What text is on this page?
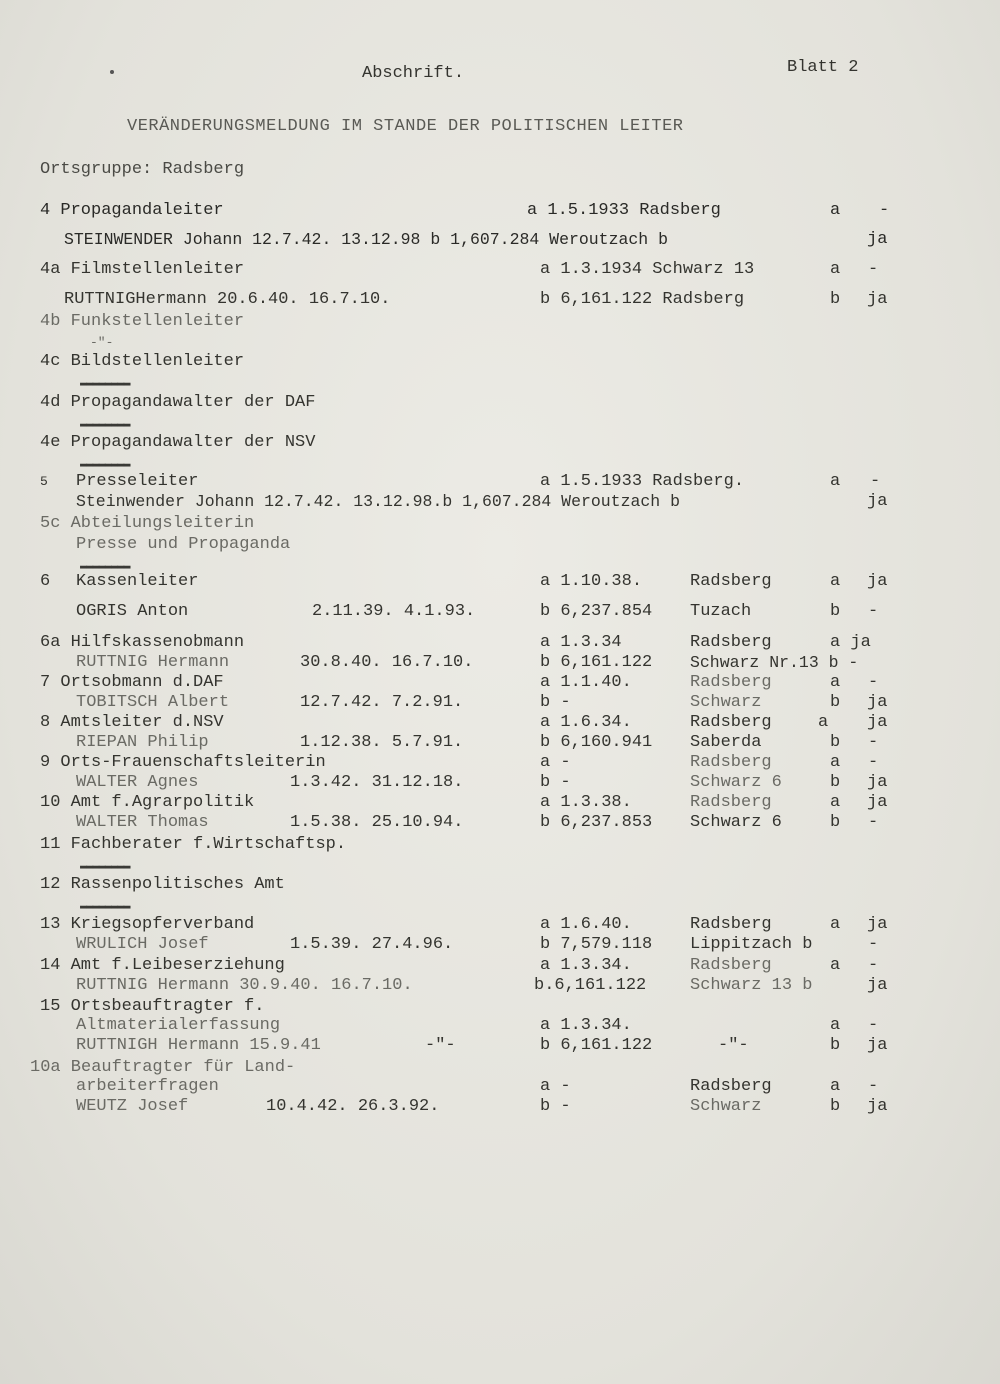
Abschrift.	Blatt 2
VERÄNDERUNGSMELDUNG IM STANDE DER POLITISCHEN LEITER
Ortsgruppe: Radsberg
4 Propagandaleiter	a 1.5.1933 Radsberg	a -
STEINWENDER Johann 12.7.42. 13.12.98 b 1,607.284 Weroutzach b	ja
4a Filmstellenleiter	a 1.3.1934 Schwarz 13	a -
RUTTNIGHermann 20.6.40. 16.7.10.	b 6,161.122 Radsberg	b ja
4b Funkstellenleiter
-"-
4c Bildstellenleiter
▬▬▬▬▬▬▬▬
4d Propagandawalter der DAF
▬▬▬▬▬▬▬▬
4e Propagandawalter der NSV
▬▬▬▬▬▬▬▬
5 Presseleiter	a 1.5.1933 Radsberg.	a -
Steinwender Johann 12.7.42. 13.12.98.b 1,607.284 Weroutzach b	ja
5c Abteilungsleiterin
Presse und Propaganda
▬▬▬▬▬▬▬▬
6 Kassenleiter	a 1.10.38.	Radsberg	a ja
OGRIS Anton	2.11.39. 4.1.93.	b 6,237.854 Tuzach	b -
6a Hilfskassenobmann	a 1.3.34	Radsberg	a ja
RUTTNIG Hermann	30.8.40. 16.7.10.	b 6,161.122 Schwarz Nr.13 b -
7 Ortsobmann d.DAF	a 1.1.40.	Radsberg	a -
TOBITSCH Albert	12.7.42. 7.2.91.	b -	Schwarz	b ja
8 Amtsleiter d.NSV	a 1.6.34.	Radsberg	a ja
RIEPAN Philip	1.12.38. 5.7.91.	b 6,160.941 Saberda	b -
9 Orts-Frauenschaftsleiterin	a -	Radsberg	a -
WALTER Agnes	1.3.42. 31.12.18.	b -	Schwarz 6	b ja
10 Amt f.Agrarpolitik	a 1.3.38.	Radsberg	a ja
WALTER Thomas	1.5.38. 25.10.94.	b 6,237.853 Schwarz 6	b -
11 Fachberater f.Wirtschaftsp.
▬▬▬▬▬▬▬▬
12 Rassenpolitisches Amt
▬▬▬▬▬▬▬▬
13 Kriegsopferverband	a 1.6.40.	Radsberg	a ja
WRULICH Josef	1.5.39. 27.4.96.	b 7,579.118 Lippitzach b	-
14 Amt f.Leibeserziehung	a 1.3.34.	Radsberg	a -
RUTTNIG Hermann 30.9.40. 16.7.10.	b.6,161.122	Schwarz 13 b	ja
15 Ortsbeauftragter f.
Altmaterialerfassung	a 1.3.34.	a -
RUTTNIGH Hermann 15.9.41	-"-	b 6,161.122	-"-	b ja
10a Beauftragter für Land-
arbeiterfragen	a -	Radsberg	a -
WEUTZ Josef	10.4.42. 26.3.92.	b -	Schwarz	b ja
